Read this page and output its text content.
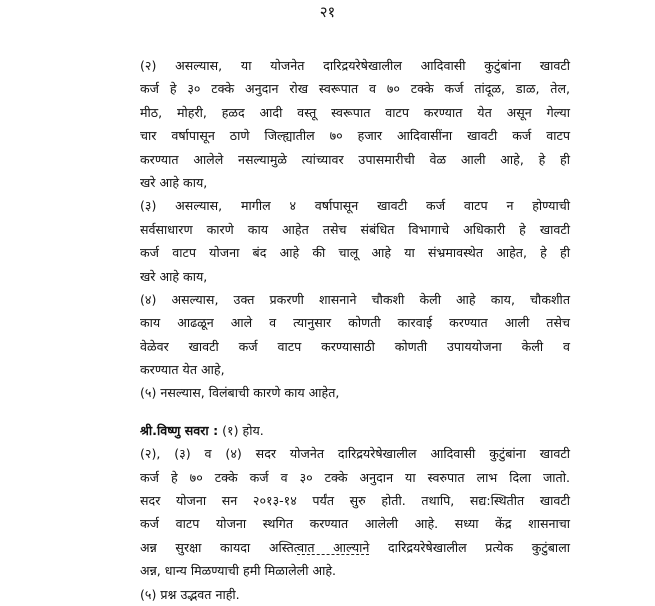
२१
(२) असल्यास, या योजनेत दारिद्रयरेषेखालील आदिवासी कुटुंबांना खावटी
कर्ज हे ३० टक्के अनुदान रोख स्वरूपात व ७० टक्के कर्ज तांदूळ, डाळ, तेल,
मीठ, मोहरी, हळद आदी वस्तू स्वरूपात वाटप करण्यात येत असून गेल्या
चार वर्षापासून ठाणे जिल्ह्यातील ७० हजार आदिवासींना खावटी कर्ज वाटप
करण्यात आलेले नसल्यामुळे त्यांच्यावर उपासमारीची वेळ आली आहे, हे ही
खरे आहे काय,
(३) असल्यास, मागील ४ वर्षापासून खावटी कर्ज वाटप न होण्याची
सर्वसाधारण कारणे काय आहेत तसेच संबंधित विभागाचे अधिकारी हे खावटी
कर्ज वाटप योजना बंद आहे की चालू आहे या संभ्रमावस्थेत आहेत, हे ही
खरे आहे काय,
(४) असल्यास, उक्त प्रकरणी शासनाने चौकशी केली आहे काय, चौकशीत
काय आढळून आले व त्यानुसार कोणती कारवाई करण्यात आली तसेच
वेळेवर खावटी कर्ज वाटप करण्यासाठी कोणती उपाययोजना केली व
करण्यात येत आहे,
(५) नसल्यास, विलंबाची कारणे काय आहेत,
श्री.विष्णु सवरा : (१) होय.
(२), (३) व (४) सदर योजनेत दारिद्रयरेषेखालील आदिवासी कुटुंबांना खावटी
कर्ज हे ७० टक्के कर्ज व ३० टक्के अनुदान या स्वरुपात लाभ दिला जातो.
सदर योजना सन २०१३-१४ पर्यंत सुरु होती. तथापि, सद्य:स्थितीत खावटी
कर्ज वाटप योजना स्थगित करण्यात आलेली आहे. सध्या केंद्र शासनाचा
अन्न सुरक्षा कायदा अस्तित्वात आल्याने दारिद्रयरेषेखालील प्रत्येक कुटुंबाला
अन्न, धान्य मिळण्याची हमी मिळालेली आहे.
(५) प्रश्न उद्भवत नाही.
